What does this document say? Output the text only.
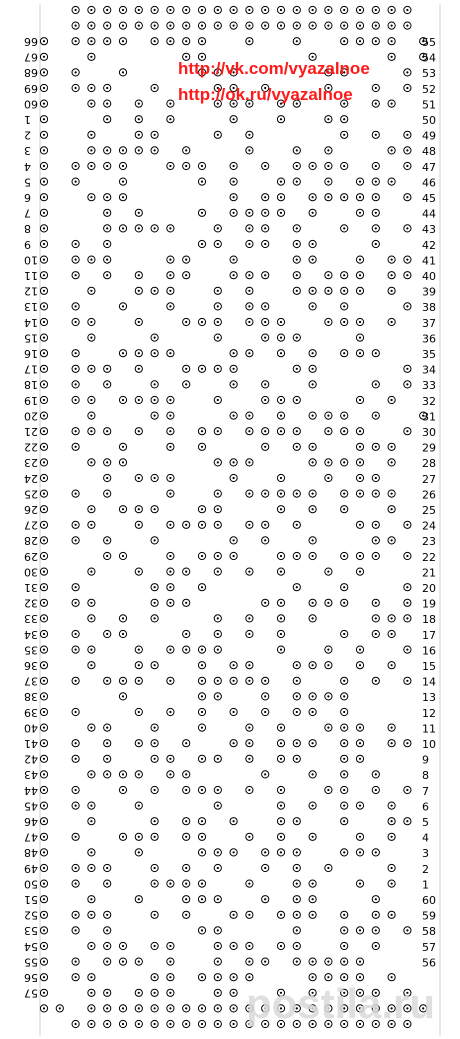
66
67
68
69
60
1
2
3
4
5
6
7
8
9
10
11
12
13
14
15
16
17
18
19
20
21
22
23
24
25
26
27
28
29
30
31
32
33
34
35
36
37
38
39
40
41
42
43
44
45
46
47
48
49
50
51
52
53
54
55
56
57
55
54
53
52
51
50
49
48
47
46
45
44
43
42
41
40
39
38
37
36
35
34
33
32
31
30
29
28
27
26
25
24
23
22
21
20
19
18
17
16
15
14
13
12
11
10
9
8
7
6
5
4
3
2
1
60
59
58
57
56
postila.ru
http://vk.com/vyazalnoe
http://ok.ru/vyazalnoe
